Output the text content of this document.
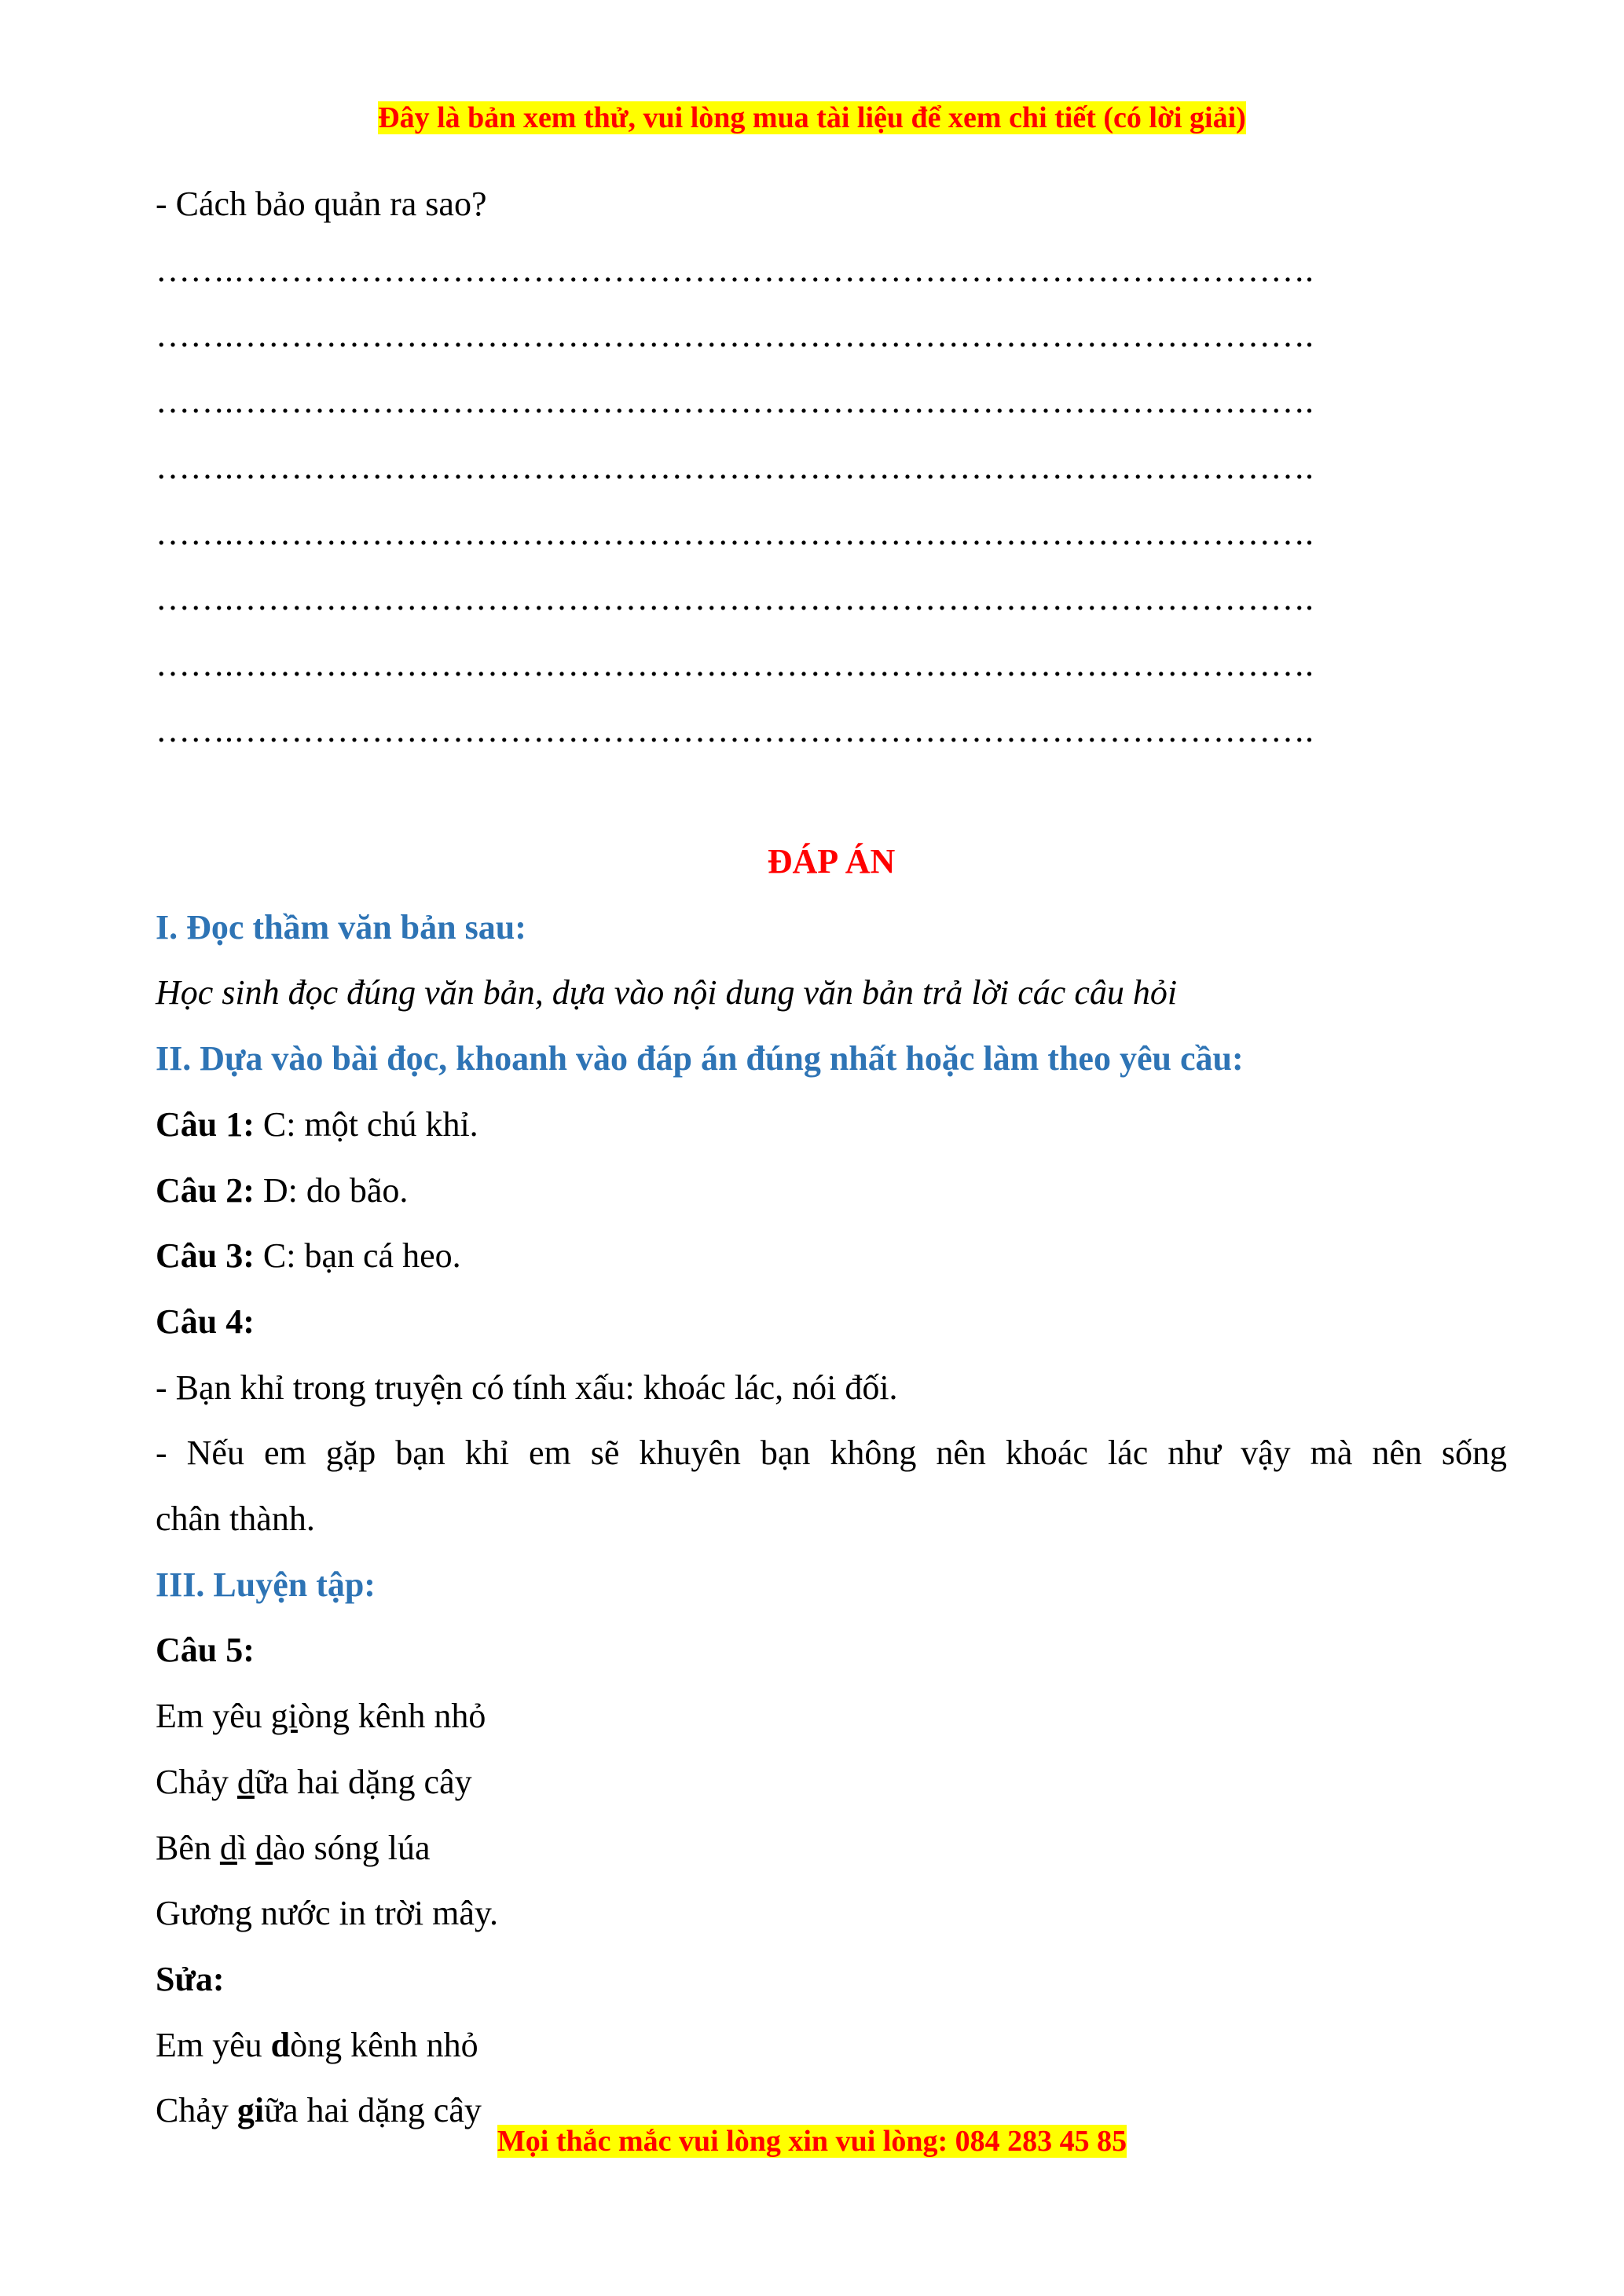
Đây là bản xem thử, vui lòng mua tài liệu để xem chi tiết (có lời giải)

- Cách bảo quản ra sao?

…….………………………………………………………………………………….

…….………………………………………………………………………………….

…….………………………………………………………………………………….

…….………………………………………………………………………………….

…….………………………………………………………………………………….

…….………………………………………………………………………………….

…….………………………………………………………………………………….

…….………………………………………………………………………………….

ĐÁP ÁN

I. Đọc thầm văn bản sau:

Học sinh đọc đúng văn bản, dựa vào nội dung văn bản trả lời các câu hỏi

II. Dựa vào bài đọc, khoanh vào đáp án đúng nhất hoặc làm theo yêu cầu:

Câu 1: C: một chú khỉ.

Câu 2: D: do bão.

Câu 3: C: bạn cá heo.

Câu 4:

- Bạn khỉ trong truyện có tính xấu: khoác lác, nói đối.

- Nếu em gặp bạn khỉ em sẽ khuyên bạn không nên khoác lác như vậy mà nên sống

chân thành.

III. Luyện tập:

Câu 5:

Em yêu giòng kênh nhỏ

Chảy dữa hai dặng cây

Bên dì dào sóng lúa

Gương nước in trời mây.

Sửa:

Em yêu dòng kênh nhỏ

Chảy giữa hai dặng cây

Mọi thắc mắc vui lòng xin vui lòng: 084 283 45 85
